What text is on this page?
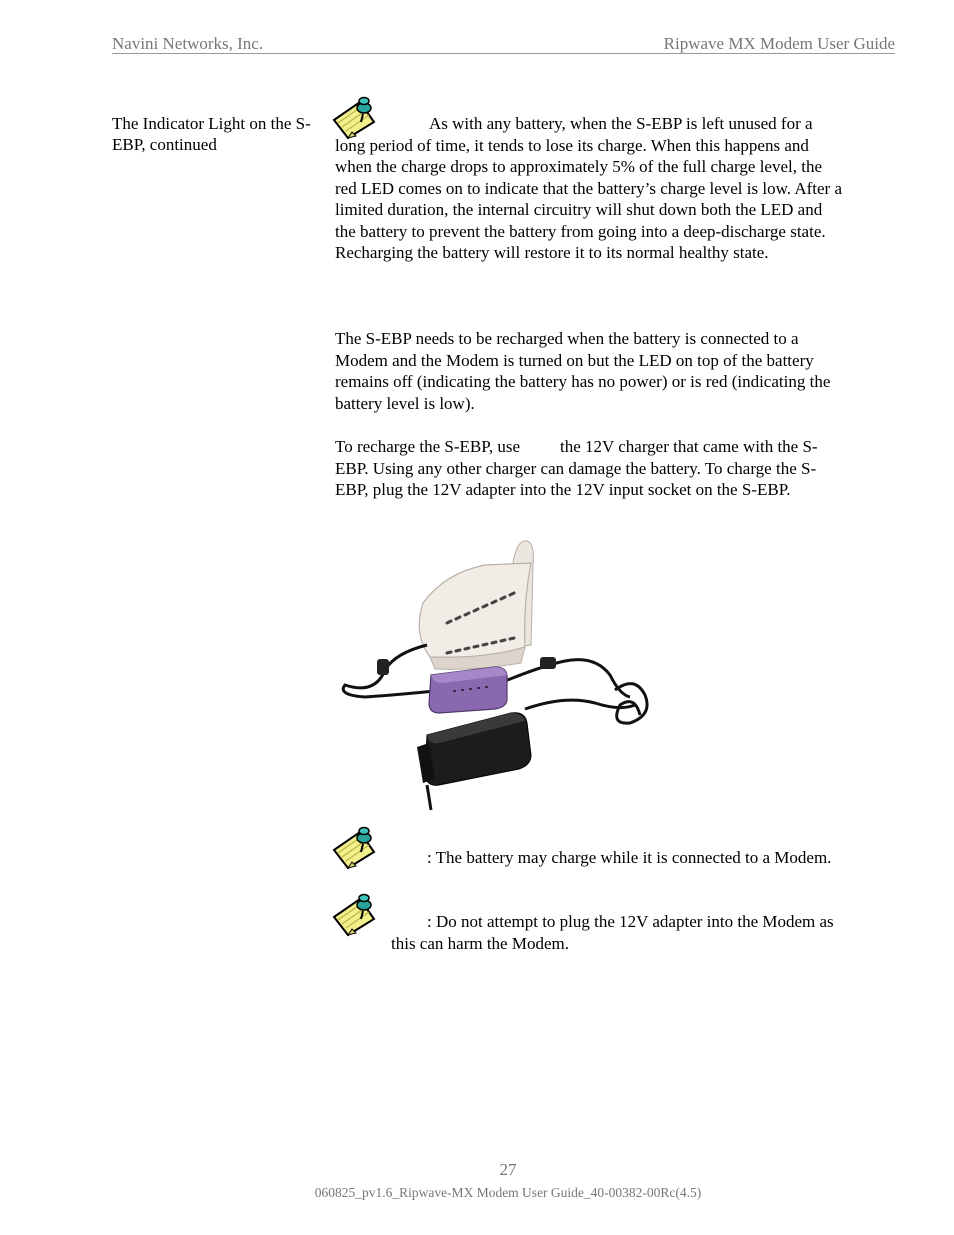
Navini Networks, Inc.	Ripwave MX Modem User Guide
The Indicator Light on the S-EBP, continued

As with any battery, when the S-EBP is left unused for a long period of time, it tends to lose its charge. When this happens and when the charge drops to approximately 5% of the full charge level, the red LED comes on to indicate that the battery’s charge level is low. After a limited duration, the internal circuitry will shut down both the LED and the battery to prevent the battery from going into a deep-discharge state. Recharging the battery will restore it to its normal healthy state.

The S-EBP needs to be recharged when the battery is connected to a Modem and the Modem is turned on but the LED on top of the battery remains off (indicating the battery has no power) or is red (indicating the battery level is low).

To recharge the S-EBP, use the 12V charger that came with the S-EBP. Using any other charger can damage the battery. To charge the S-EBP, plug the 12V adapter into the 12V input socket on the S-EBP.

: The battery may charge while it is connected to a Modem.

: Do not attempt to plug the 12V adapter into the Modem as this can harm the Modem.

27
060825_pv1.6_Ripwave-MX Modem User Guide_40-00382-00Rc(4.5)
